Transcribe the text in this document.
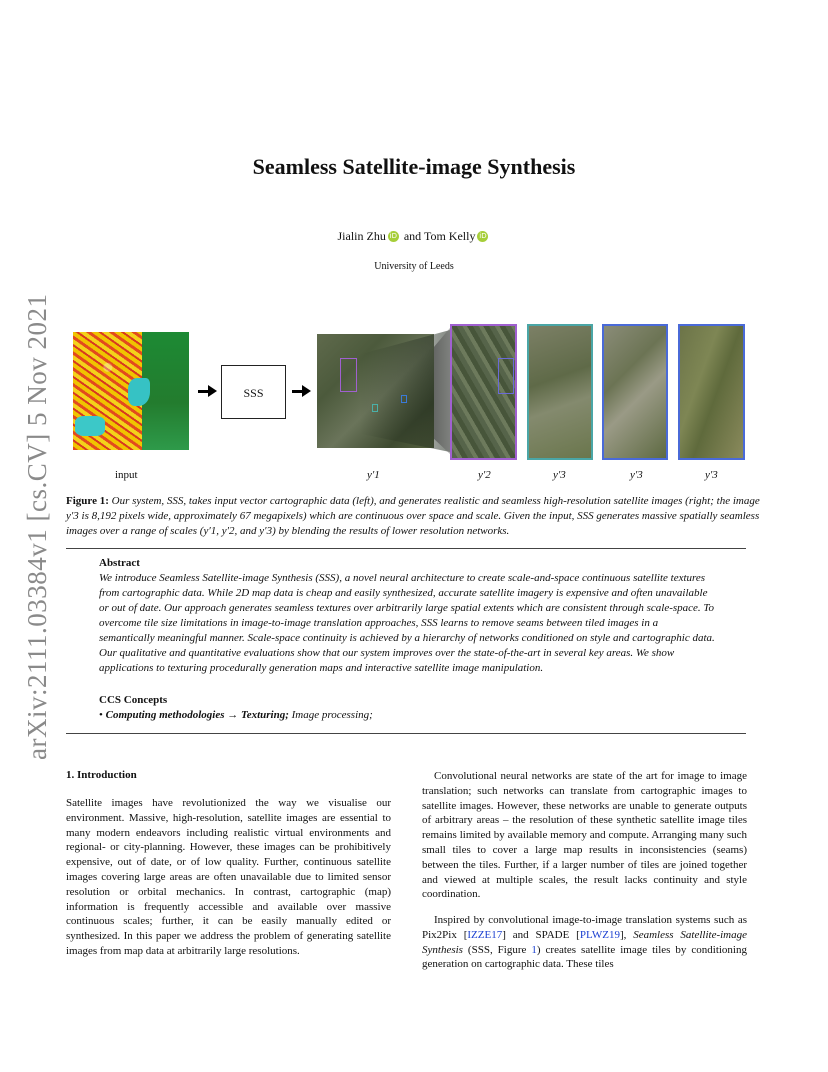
arXiv:2111.03384v1 [cs.CV] 5 Nov 2021
Seamless Satellite-image Synthesis
Jialin Zhu iD and Tom Kelly iD
University of Leeds
SSS
input	y′1	y′2	y′3	y′3	y′3
Figure 1: Our system, SSS, takes input vector cartographic data (left), and generates realistic and seamless high-resolution satellite images (right; the image y′3 is 8,192 pixels wide, approximately 67 megapixels) which are continuous over space and scale. Given the input, SSS generates massive spatially seamless images over a range of scales (y′1, y′2, and y′3) by blending the results of lower resolution networks.
Abstract
We introduce Seamless Satellite-image Synthesis (SSS), a novel neural architecture to create scale-and-space continuous satellite textures from cartographic data. While 2D map data is cheap and easily synthesized, accurate satellite imagery is expensive and often unavailable or out of date. Our approach generates seamless textures over arbitrarily large spatial extents which are consistent through scale-space. To overcome tile size limitations in image-to-image translation approaches, SSS learns to remove seams between tiled images in a semantically meaningful manner. Scale-space continuity is achieved by a hierarchy of networks conditioned on style and cartographic data. Our qualitative and quantitative evaluations show that our system improves over the state-of-the-art in several key areas. We show applications to texturing procedurally generation maps and interactive satellite image manipulation.
CCS Concepts
• Computing methodologies → Texturing; Image processing;
1. Introduction
Satellite images have revolutionized the way we visualise our environment. Massive, high-resolution, satellite images are essential to many modern endeavors including realistic virtual environments and regional- or city-planning. However, these images can be prohibitively expensive, out of date, or of low quality. Further, continuous satellite images covering large areas are often unavailable due to limited sensor resolution or orbital mechanics. In contrast, cartographic (map) information is frequently accessible and available over massive continuous scales; further, it can be easily manually edited or synthesized. In this paper we address the problem of generating satellite images from map data at arbitrarily large resolutions.
Convolutional neural networks are state of the art for image to image translation; such networks can translate from cartographic images to satellite images. However, these networks are unable to generate outputs of arbitrary areas – the resolution of these synthetic satellite image tiles remains limited by available memory and compute. Arranging many such small tiles to cover a large map results in inconsistencies (seams) between the tiles. Further, if a larger number of tiles are joined together and viewed at multiple scales, the result lacks continuity and style coordination.
Inspired by convolutional image-to-image translation systems such as Pix2Pix [IZZE17] and SPADE [PLWZ19], Seamless Satellite-image Synthesis (SSS, Figure 1) creates satellite image tiles by conditioning generation on cartographic data. These tiles
